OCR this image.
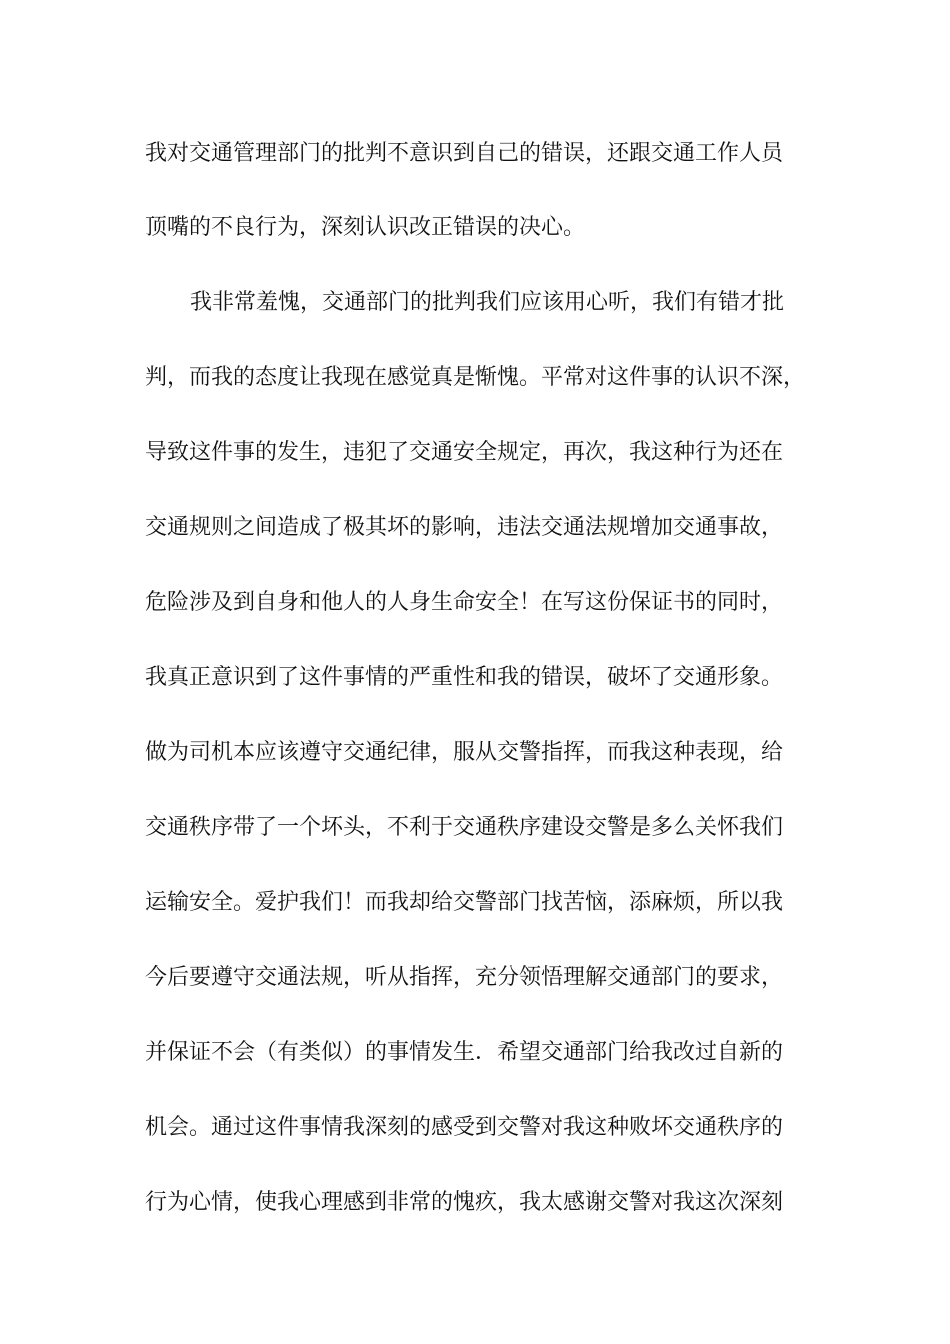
我对交通管理部门的批判不意识到自己的错误，还跟交通工作人员
顶嘴的不良行为，深刻认识改正错误的决心。
我非常羞愧，交通部门的批判我们应该用心听，我们有错才批
判，而我的态度让我现在感觉真是惭愧。平常对这件事的认识不深，
导致这件事的发生，违犯了交通安全规定，再次，我这种行为还在
交通规则之间造成了极其坏的影响，违法交通法规增加交通事故，
危险涉及到自身和他人的人身生命安全！在写这份保证书的同时，
我真正意识到了这件事情的严重性和我的错误，破坏了交通形象。
做为司机本应该遵守交通纪律，服从交警指挥，而我这种表现，给
交通秩序带了一个坏头，不利于交通秩序建设交警是多么关怀我们
运输安全。爱护我们！而我却给交警部门找苦恼，添麻烦，所以我
今后要遵守交通法规，听从指挥，充分领悟理解交通部门的要求，
并保证不会（有类似）的事情发生．希望交通部门给我改过自新的
机会。通过这件事情我深刻的感受到交警对我这种败坏交通秩序的
行为心情，使我心理感到非常的愧疚，我太感谢交警对我这次深刻
